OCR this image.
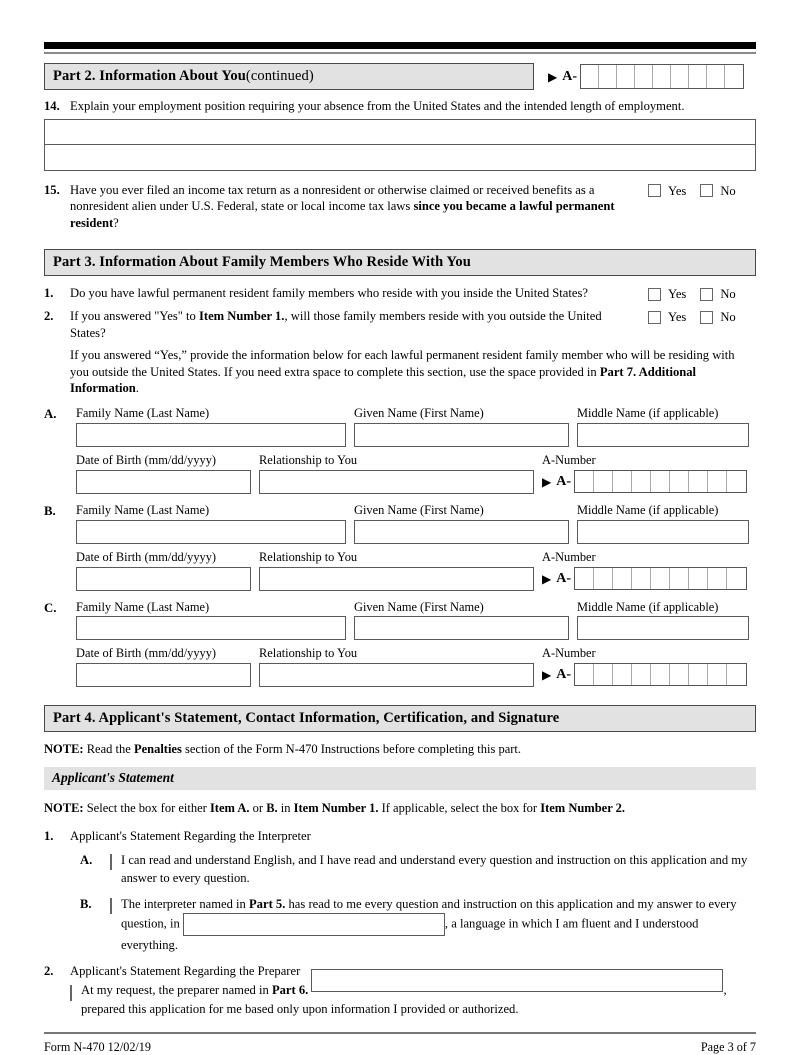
Part 2. Information About You (continued)	▶ A-
14. Explain your employment position requiring your absence from the United States and the intended length of employment.
15. Have you ever filed an income tax return as a nonresident or otherwise claimed or received benefits as a nonresident alien under U.S. Federal, state or local income tax laws since you became a lawful permanent resident?
Yes	No
Part 3. Information About Family Members Who Reside With You
1.	Do you have lawful permanent resident family members who reside with you inside the United States?	Yes	No
2.	If you answered "Yes" to Item Number 1., will those family members reside with you outside the United States?
Yes	No
If you answered “Yes,” provide the information below for each lawful permanent resident family member who will be residing with you outside the United States. If you need extra space to complete this section, use the space provided in Part 7. Additional Information.
A.	Family Name (Last Name)	Given Name (First Name)	Middle Name (if applicable)
Date of Birth (mm/dd/yyyy)	Relationship to You	A-Number
▶ A-
B.	Family Name (Last Name)	Given Name (First Name)	Middle Name (if applicable)
Date of Birth (mm/dd/yyyy)	Relationship to You	A-Number
▶ A-
C.	Family Name (Last Name)	Given Name (First Name)	Middle Name (if applicable)
Date of Birth (mm/dd/yyyy)	Relationship to You	A-Number
▶ A-
Part 4. Applicant's Statement, Contact Information, Certification, and Signature
NOTE: Read the Penalties section of the Form N-470 Instructions before completing this part.
Applicant's Statement
NOTE: Select the box for either Item A. or B. in Item Number 1. If applicable, select the box for Item Number 2.
1.	Applicant's Statement Regarding the Interpreter
A.	I can read and understand English, and I have read and understand every question and instruction on this application and my answer to every question.
B.	The interpreter named in Part 5. has read to me every question and instruction on this application and my answer to every question, in	, a language in which I am fluent and I understood everything.
2.	Applicant's Statement Regarding the Preparer
At my request, the preparer named in Part 6.	,
prepared this application for me based only upon information I provided or authorized.
Form N-470 12/02/19	Page 3 of 7
